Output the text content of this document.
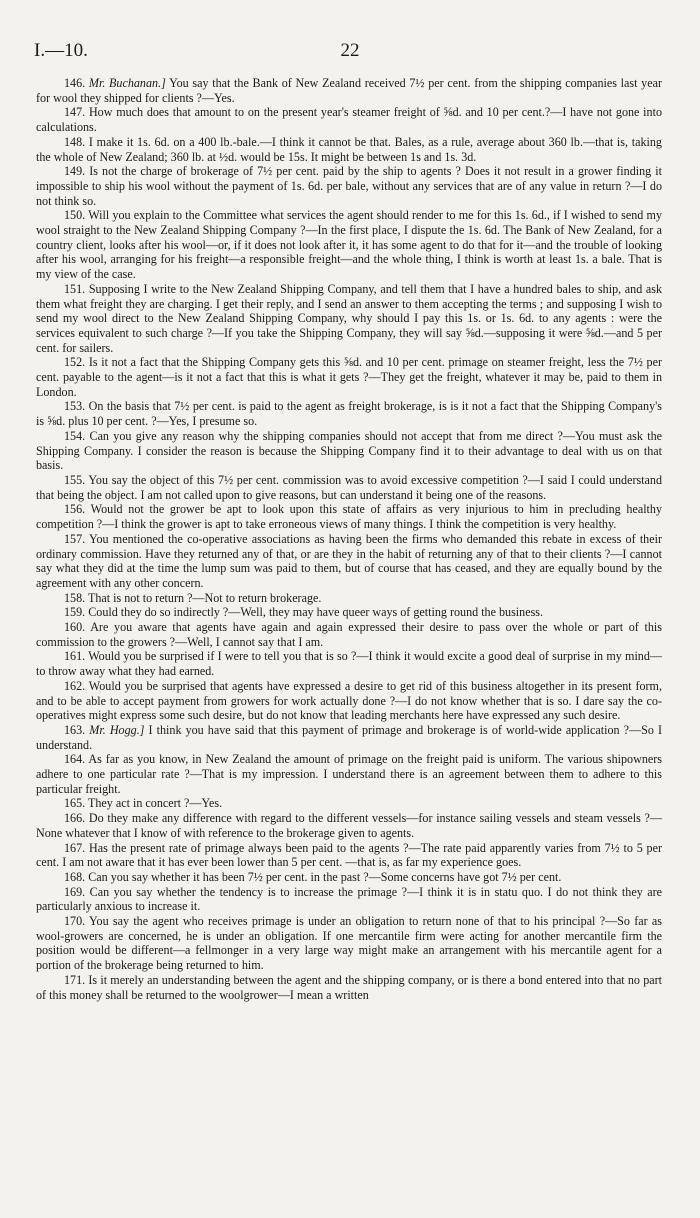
I.—10.	22

146. Mr. Buchanan.] You say that the Bank of New Zealand received 7½ per cent. from the shipping companies last year for wool they shipped for clients ?—Yes.

147. How much does that amount to on the present year's steamer freight of ⅝d. and 10 per cent.?—I have not gone into calculations.

148. I make it 1s. 6d. on a 400 lb.-bale.—I think it cannot be that. Bales, as a rule, average about 360 lb.—that is, taking the whole of New Zealand; 360 lb. at ½d. would be 15s. It might be between 1s and 1s. 3d.

149. Is not the charge of brokerage of 7½ per cent. paid by the ship to agents ? Does it not result in a grower finding it impossible to ship his wool without the payment of 1s. 6d. per bale, without any services that are of any value in return ?—I do not think so.

150. Will you explain to the Committee what services the agent should render to me for this 1s. 6d., if I wished to send my wool straight to the New Zealand Shipping Company ?—In the first place, I dispute the 1s. 6d. The Bank of New Zealand, for a country client, looks after his wool—or, if it does not look after it, it has some agent to do that for it—and the trouble of looking after his wool, arranging for his freight—a responsible freight—and the whole thing, I think is worth at least 1s. a bale. That is my view of the case.

151. Supposing I write to the New Zealand Shipping Company, and tell them that I have a hundred bales to ship, and ask them what freight they are charging. I get their reply, and I send an answer to them accepting the terms ; and supposing I wish to send my wool direct to the New Zealand Shipping Company, why should I pay this 1s. or 1s. 6d. to any agents : were the services equivalent to such charge ?—If you take the Shipping Company, they will say ⅝d.—supposing it were ⅝d.—and 5 per cent. for sailers.

152. Is it not a fact that the Shipping Company gets this ⅝d. and 10 per cent. primage on steamer freight, less the 7½ per cent. payable to the agent—is it not a fact that this is what it gets ?—They get the freight, whatever it may be, paid to them in London.

153. On the basis that 7½ per cent. is paid to the agent as freight brokerage, is is it not a fact that the Shipping Company's is ⅝d. plus 10 per cent. ?—Yes, I presume so.

154. Can you give any reason why the shipping companies should not accept that from me direct ?—You must ask the Shipping Company. I consider the reason is because the Shipping Company find it to their advantage to deal with us on that basis.

155. You say the object of this 7½ per cent. commission was to avoid excessive competition ?—I said I could understand that being the object. I am not called upon to give reasons, but can understand it being one of the reasons.

156. Would not the grower be apt to look upon this state of affairs as very injurious to him in precluding healthy competition ?—I think the grower is apt to take erroneous views of many things. I think the competition is very healthy.

157. You mentioned the co-operative associations as having been the firms who demanded this rebate in excess of their ordinary commission. Have they returned any of that, or are they in the habit of returning any of that to their clients ?—I cannot say what they did at the time the lump sum was paid to them, but of course that has ceased, and they are equally bound by the agreement with any other concern.

158. That is not to return ?—Not to return brokerage.

159. Could they do so indirectly ?—Well, they may have queer ways of getting round the business.

160. Are you aware that agents have again and again expressed their desire to pass over the whole or part of this commission to the growers ?—Well, I cannot say that I am.

161. Would you be surprised if I were to tell you that is so ?—I think it would excite a good deal of surprise in my mind—to throw away what they had earned.

162. Would you be surprised that agents have expressed a desire to get rid of this business altogether in its present form, and to be able to accept payment from growers for work actually done ?—I do not know whether that is so. I dare say the co-operatives might express some such desire, but do not know that leading merchants here have expressed any such desire.

163. Mr. Hogg.] I think you have said that this payment of primage and brokerage is of world-wide application ?—So I understand.

164. As far as you know, in New Zealand the amount of primage on the freight paid is uniform. The various shipowners adhere to one particular rate ?—That is my impression. I understand there is an agreement between them to adhere to this particular freight.

165. They act in concert ?—Yes.

166. Do they make any difference with regard to the different vessels—for instance sailing vessels and steam vessels ?—None whatever that I know of with reference to the brokerage given to agents.

167. Has the present rate of primage always been paid to the agents ?—The rate paid apparently varies from 7½ to 5 per cent. I am not aware that it has ever been lower than 5 per cent. —that is, as far my experience goes.

168. Can you say whether it has been 7½ per cent. in the past ?—Some concerns have got 7½ per cent.

169. Can you say whether the tendency is to increase the primage ?—I think it is in statu quo. I do not think they are particularly anxious to increase it.

170. You say the agent who receives primage is under an obligation to return none of that to his principal ?—So far as wool-growers are concerned, he is under an obligation. If one mercantile firm were acting for another mercantile firm the position would be different—a fellmonger in a very large way might make an arrangement with his mercantile agent for a portion of the brokerage being returned to him.

171. Is it merely an understanding between the agent and the shipping company, or is there a bond entered into that no part of this money shall be returned to the woolgrower—I mean a written
